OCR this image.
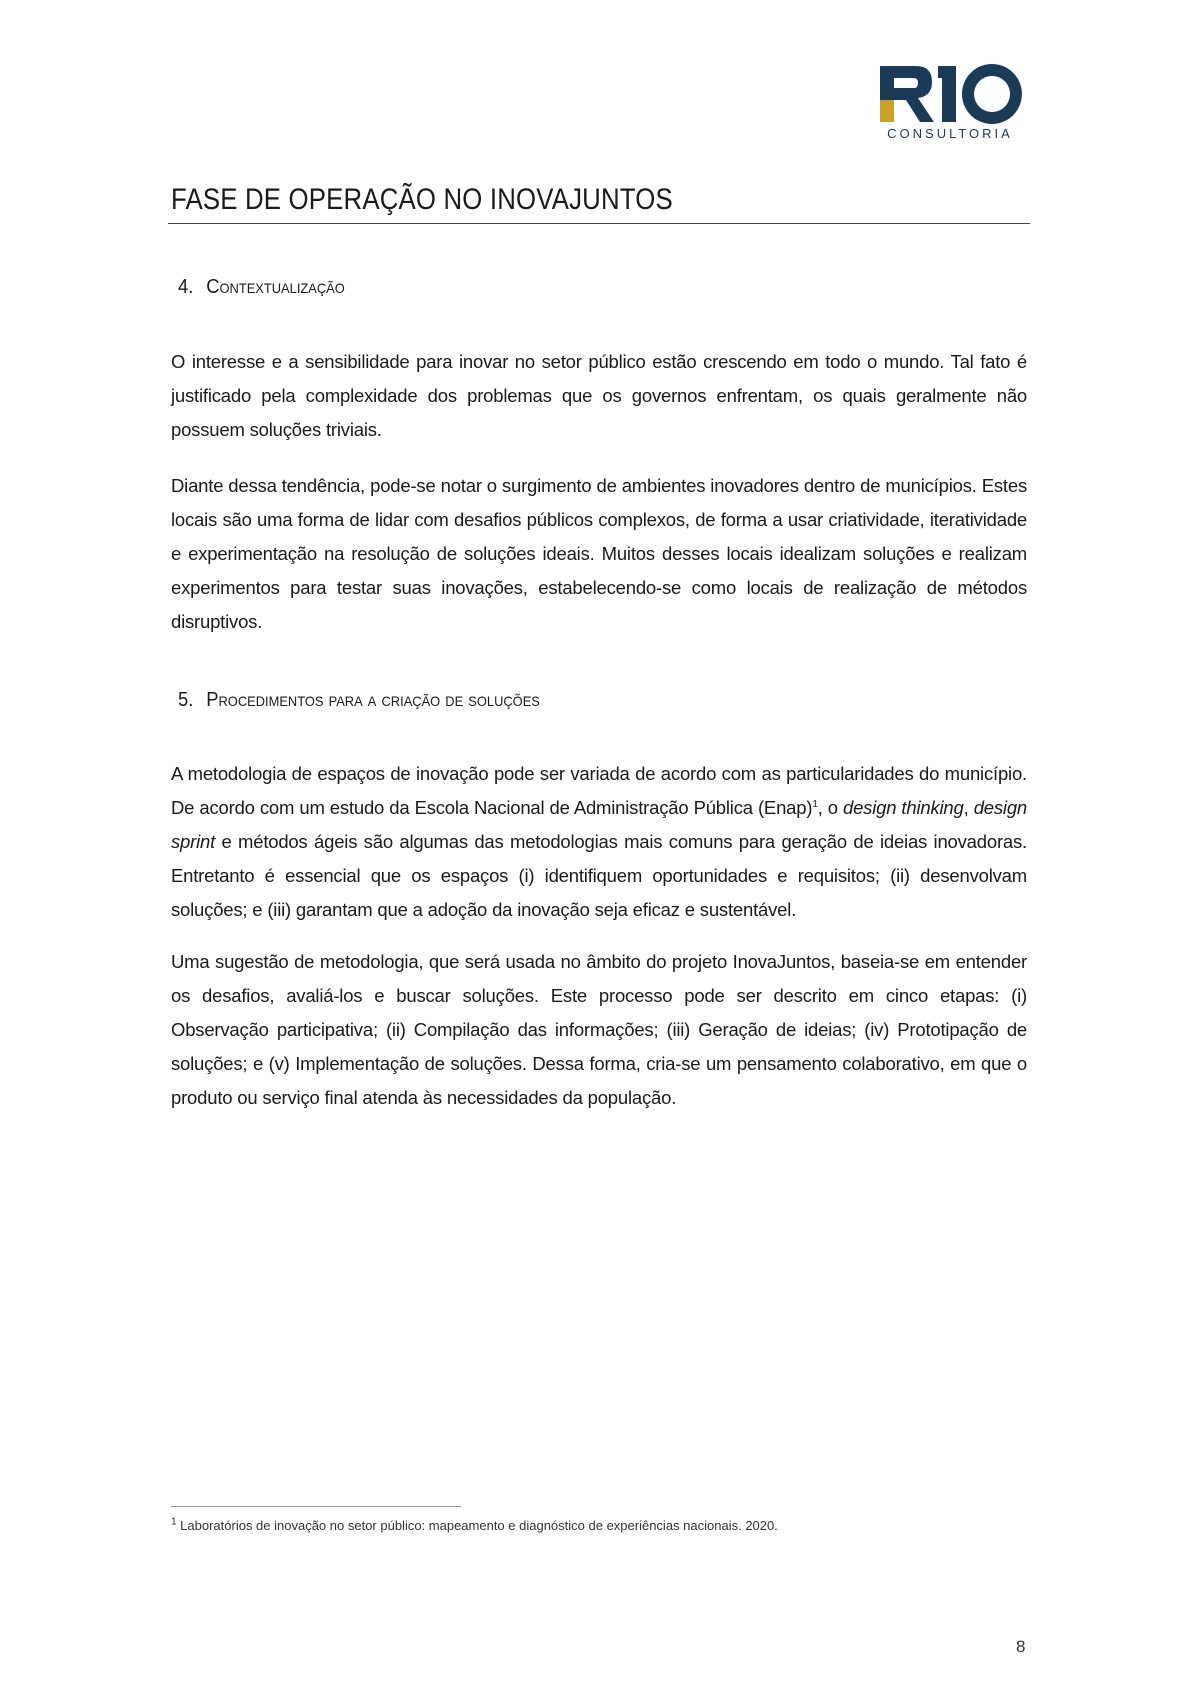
CONSULTORIA
FASE DE OPERAÇÃO NO INOVAJUNTOS
4. Contextualização

O interesse e a sensibilidade para inovar no setor público estão crescendo em todo o mundo. Tal fato é justificado pela complexidade dos problemas que os governos enfrentam, os quais geralmente não possuem soluções triviais.

Diante dessa tendência, pode-se notar o surgimento de ambientes inovadores dentro de municípios. Estes locais são uma forma de lidar com desafios públicos complexos, de forma a usar criatividade, iteratividade e experimentação na resolução de soluções ideais. Muitos desses locais idealizam soluções e realizam experimentos para testar suas inovações, estabelecendo-se como locais de realização de métodos disruptivos.

5. Procedimentos para a criação de soluções

A metodologia de espaços de inovação pode ser variada de acordo com as particularidades do município. De acordo com um estudo da Escola Nacional de Administração Pública (Enap)$^1$, o design thinking, design sprint e métodos ágeis são algumas das metodologias mais comuns para geração de ideias inovadoras. Entretanto é essencial que os espaços (i) identifiquem oportunidades e requisitos; (ii) desenvolvam soluções; e (iii) garantam que a adoção da inovação seja eficaz e sustentável.

Uma sugestão de metodologia, que será usada no âmbito do projeto InovaJuntos, baseia-se em entender os desafios, avaliá-los e buscar soluções. Este processo pode ser descrito em cinco etapas: (i) Observação participativa; (ii) Compilação das informações; (iii) Geração de ideias; (iv) Prototipação de soluções; e (v) Implementação de soluções. Dessa forma, cria-se um pensamento colaborativo, em que o produto ou serviço final atenda às necessidades da população.

$^1$ Laboratórios de inovação no setor público: mapeamento e diagnóstico de experiências nacionais. 2020.

8
